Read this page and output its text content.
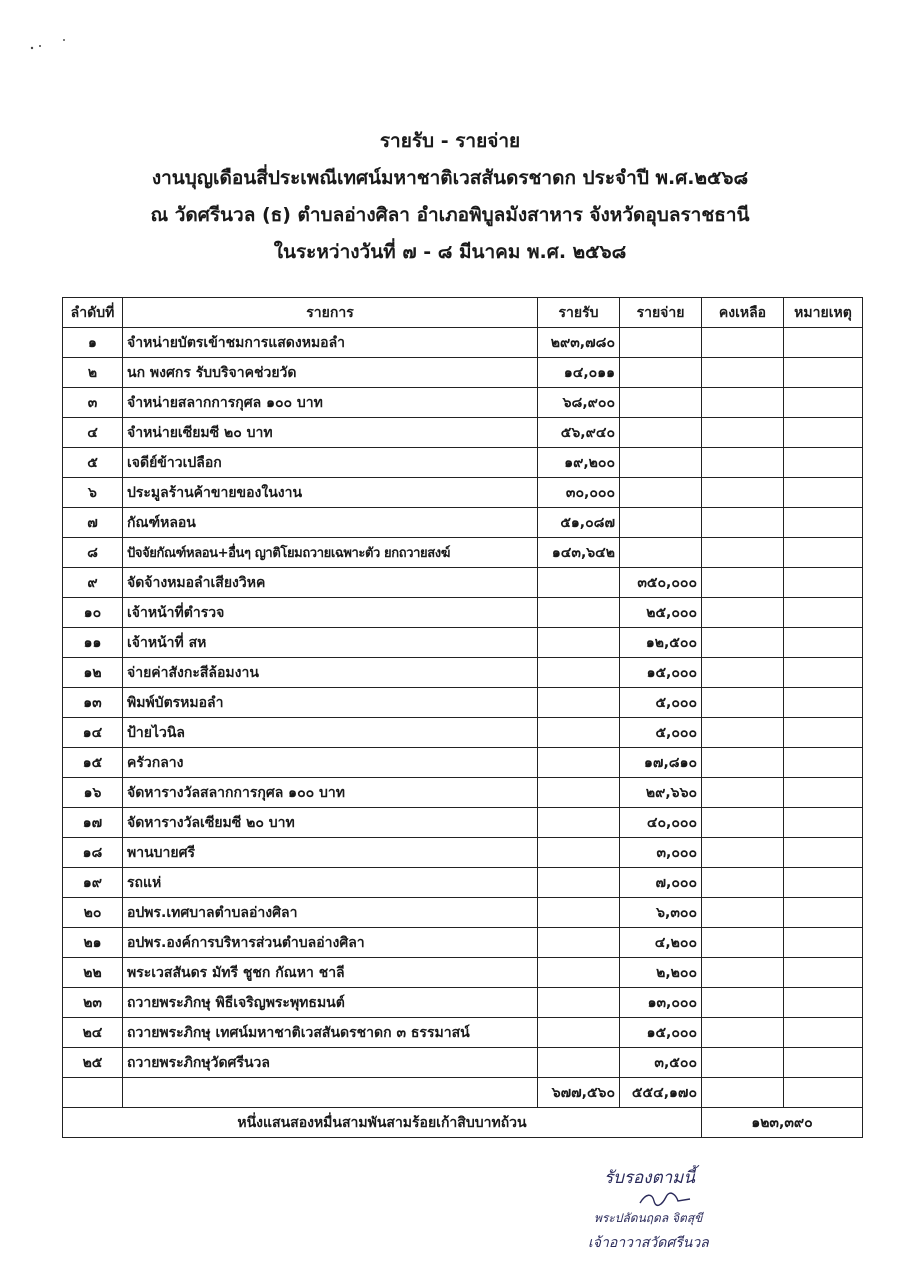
รายรับ - รายจ่าย
งานบุญเดือนสี่ประเพณีเทศน์มหาชาติเวสสันดรชาดก ประจำปี พ.ศ.๒๕๖๘
ณ วัดศรีนวล (ธ) ตำบลอ่างศิลา อำเภอพิบูลมังสาหาร จังหวัดอุบลราชธานี
ในระหว่างวันที่ ๗ - ๘ มีนาคม พ.ศ. ๒๕๖๘
ลำดับที่	รายการ	รายรับ	รายจ่าย	คงเหลือ	หมายเหตุ
๑	จำหน่ายบัตรเข้าชมการแสดงหมอลำ	๒๙๓,๗๘๐			
๒	นก พงศกร รับบริจาคช่วยวัด	๑๔,๐๑๑			
๓	จำหน่ายสลากการกุศล ๑๐๐ บาท	๖๘,๙๐๐			
๔	จำหน่ายเซียมซี ๒๐ บาท	๕๖,๙๔๐			
๕	เจดีย์ข้าวเปลือก	๑๙,๒๐๐			
๖	ประมูลร้านค้าขายของในงาน	๓๐,๐๐๐			
๗	กัณฑ์หลอน	๕๑,๐๘๗			
๘	ปัจจัยกัณฑ์หลอน+อื่นๆ ญาติโยมถวายเฉพาะตัว ยกถวายสงฆ์	๑๔๓,๖๔๒			
๙	จัดจ้างหมอลำเสียงวิหค		๓๕๐,๐๐๐		
๑๐	เจ้าหน้าที่ตำรวจ		๒๕,๐๐๐		
๑๑	เจ้าหน้าที่ สห		๑๒,๕๐๐		
๑๒	จ่ายค่าสังกะสีล้อมงาน		๑๕,๐๐๐		
๑๓	พิมพ์บัตรหมอลำ		๕,๐๐๐		
๑๔	ป้ายไวนิล		๕,๐๐๐		
๑๕	ครัวกลาง		๑๗,๘๑๐		
๑๖	จัดหารางวัลสลากการกุศล ๑๐๐ บาท		๒๙,๖๖๐		
๑๗	จัดหารางวัลเซียมซี ๒๐ บาท		๔๐,๐๐๐		
๑๘	พานบายศรี		๓,๐๐๐		
๑๙	รถแห่		๗,๐๐๐		
๒๐	อปพร.เทศบาลตำบลอ่างศิลา		๖,๓๐๐		
๒๑	อปพร.องค์การบริหารส่วนตำบลอ่างศิลา		๔,๒๐๐		
๒๒	พระเวสสันดร มัทรี ชูชก กัณหา ชาลี		๒,๒๐๐		
๒๓	ถวายพระภิกษุ พิธีเจริญพระพุทธมนต์		๑๓,๐๐๐		
๒๔	ถวายพระภิกษุ เทศน์มหาชาติเวสสันดรชาดก ๓ ธรรมาสน์		๑๕,๐๐๐		
๒๕	ถวายพระภิกษุวัดศรีนวล		๓,๕๐๐		
		๖๗๗,๕๖๐	๕๕๔,๑๗๐		
หนึ่งแสนสองหมื่นสามพันสามร้อยเก้าสิบบาทถ้วน				๑๒๓,๓๙๐	
รับรองตามนี้
พระปลัดนฤดล จิตสุขี
เจ้าอาวาสวัดศรีนวล
